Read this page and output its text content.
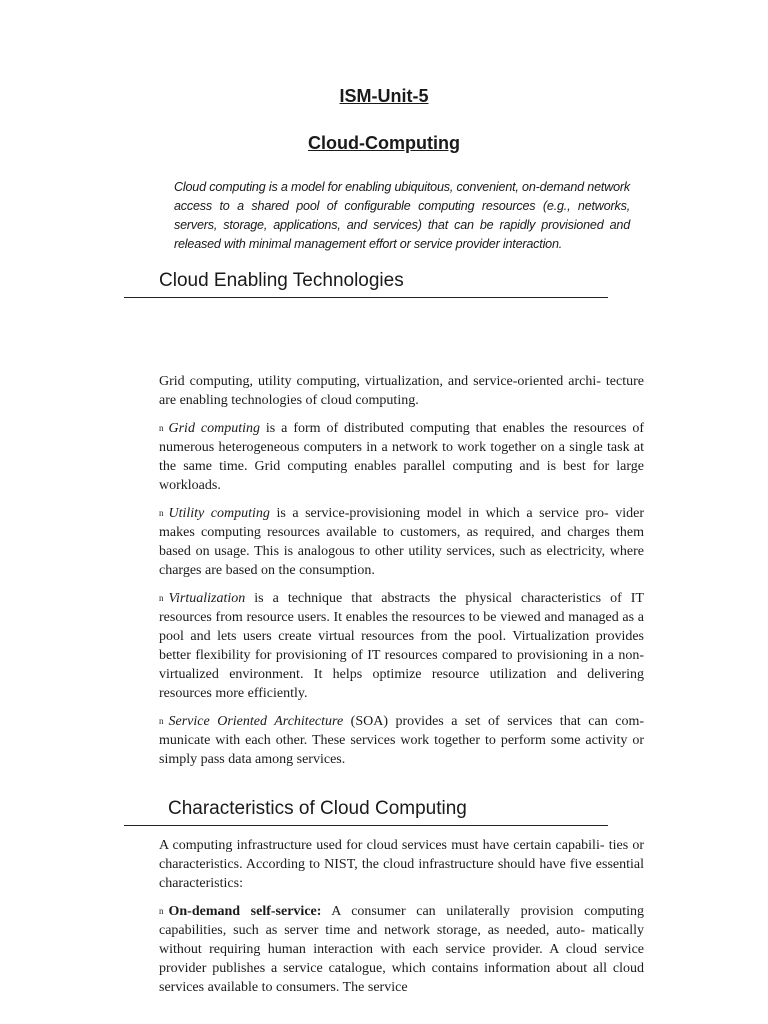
ISM-Unit-5
Cloud-Computing
Cloud computing is a model for enabling ubiquitous, convenient, on-demand network access to a shared pool of configurable computing resources (e.g., networks, servers, storage, applications, and services) that can be rapidly provisioned and released with minimal management effort or service provider interaction.
Cloud Enabling Technologies

Grid computing, utility computing, virtualization, and service-oriented archi- tecture are enabling technologies of cloud computing.

n Grid computing is a form of distributed computing that enables the resources of numerous heterogeneous computers in a network to work together on a single task at the same time. Grid computing enables parallel computing and is best for large workloads.

n Utility computing is a service-provisioning model in which a service pro- vider makes computing resources available to customers, as required, and charges them based on usage. This is analogous to other utility services, such as electricity, where charges are based on the consumption.

n Virtualization is a technique that abstracts the physical characteristics of IT resources from resource users. It enables the resources to be viewed and managed as a pool and lets users create virtual resources from the pool. Virtualization provides better flexibility for provisioning of IT resources compared to provisioning in a non-virtualized environment. It helps optimize resource utilization and delivering resources more efficiently.

n Service Oriented Architecture (SOA) provides a set of services that can com- municate with each other. These services work together to perform some activity or simply pass data among services.

Characteristics of Cloud Computing

A computing infrastructure used for cloud services must have certain capabili- ties or characteristics. According to NIST, the cloud infrastructure should have five essential characteristics:

n On-demand self-service: A consumer can unilaterally provision computing capabilities, such as server time and network storage, as needed, auto- matically without requiring human interaction with each service provider. A cloud service provider publishes a service catalogue, which contains information about all cloud services available to consumers. The service
